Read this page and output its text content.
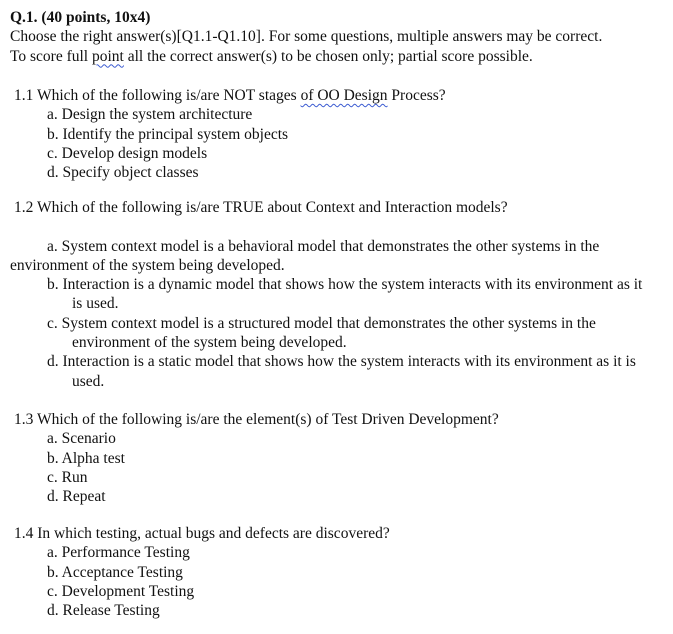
Q.1. (40 points, 10x4)
Choose the right answer(s)[Q1.1-Q1.10]. For some questions, multiple answers may be correct.
To score full point all the correct answer(s) to be chosen only; partial score possible.
1.1 Which of the following is/are NOT stages of OO Design Process?
a. Design the system architecture
b. Identify the principal system objects
c. Develop design models
d. Specify object classes
1.2 Which of the following is/are TRUE about Context and Interaction models?
a. System context model is a behavioral model that demonstrates the other systems in the environment of the system being developed.
b. Interaction is a dynamic model that shows how the system interacts with its environment as it is used.
c. System context model is a structured model that demonstrates the other systems in the environment of the system being developed.
d. Interaction is a static model that shows how the system interacts with its environment as it is used.
1.3 Which of the following is/are the element(s) of Test Driven Development?
a. Scenario
b. Alpha test
c. Run
d. Repeat
1.4 In which testing, actual bugs and defects are discovered?
a. Performance Testing
b. Acceptance Testing
c. Development Testing
d. Release Testing
